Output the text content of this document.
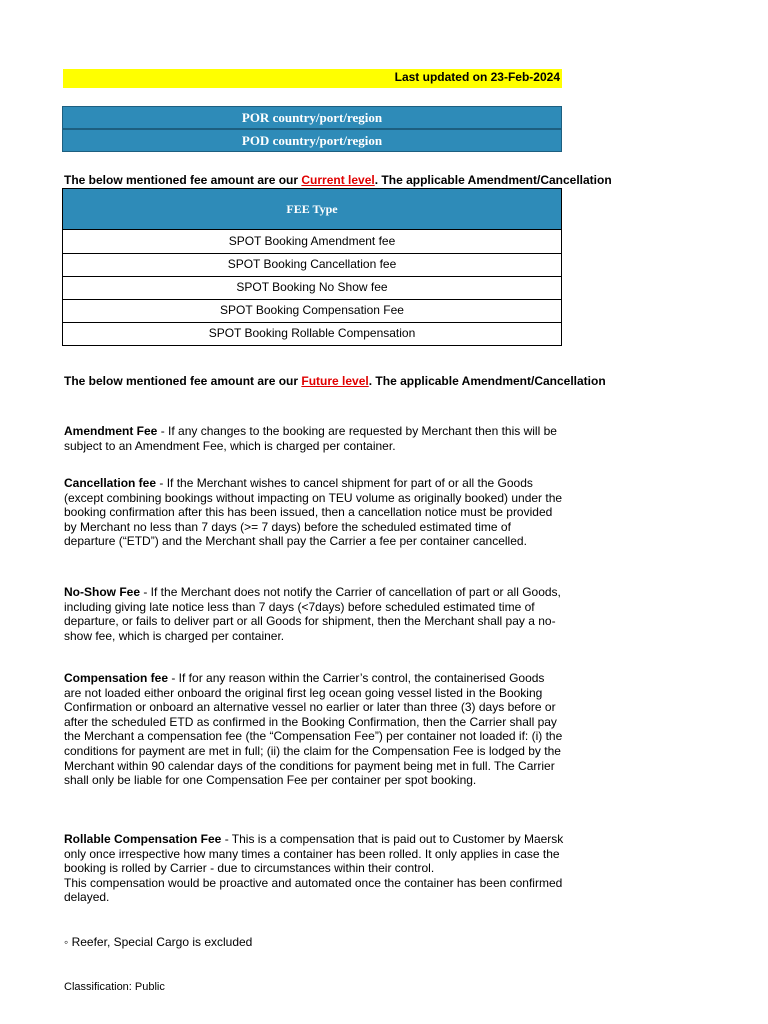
Last updated on 23-Feb-2024
POR country/port/region
POD country/port/region
The below mentioned fee amount are our Current level. The applicable Amendment/Cancellation
FEE Type
SPOT Booking Amendment fee
SPOT Booking Cancellation fee
SPOT Booking No Show fee
SPOT Booking Compensation Fee
SPOT Booking Rollable Compensation
The below mentioned fee amount are our Future level. The applicable Amendment/Cancellation
Amendment Fee - If any changes to the booking are requested by Merchant then this will be subject to an Amendment Fee, which is charged per container.
Cancellation fee - If the Merchant wishes to cancel shipment for part of or all the Goods (except combining bookings without impacting on TEU volume as originally booked) under the booking confirmation after this has been issued, then a cancellation notice must be provided by Merchant no less than 7 days (>= 7 days) before the scheduled estimated time of departure (“ETD”) and the Merchant shall pay the Carrier a fee per container cancelled.
No-Show Fee - If the Merchant does not notify the Carrier of cancellation of part or all Goods, including giving late notice less than 7 days (<7days) before scheduled estimated time of departure, or fails to deliver part or all Goods for shipment, then the Merchant shall pay a no-show fee, which is charged per container.
Compensation fee - If for any reason within the Carrier’s control, the containerised Goods are not loaded either onboard the original first leg ocean going vessel listed in the Booking Confirmation or onboard an alternative vessel no earlier or later than three (3) days before or after the scheduled ETD as confirmed in the Booking Confirmation, then the Carrier shall pay the Merchant a compensation fee (the “Compensation Fee”) per container not loaded if: (i) the conditions for payment are met in full; (ii) the claim for the Compensation Fee is lodged by the Merchant within 90 calendar days of the conditions for payment being met in full. The Carrier shall only be liable for one Compensation Fee per container per spot booking.
Rollable Compensation Fee - This is a compensation that is paid out to Customer by Maersk only once irrespective how many times a container has been rolled. It only applies in case the booking is rolled by Carrier - due to circumstances within their control.
This compensation would be proactive and automated once the container has been confirmed delayed.
◦ Reefer, Special Cargo is excluded
Classification: Public
